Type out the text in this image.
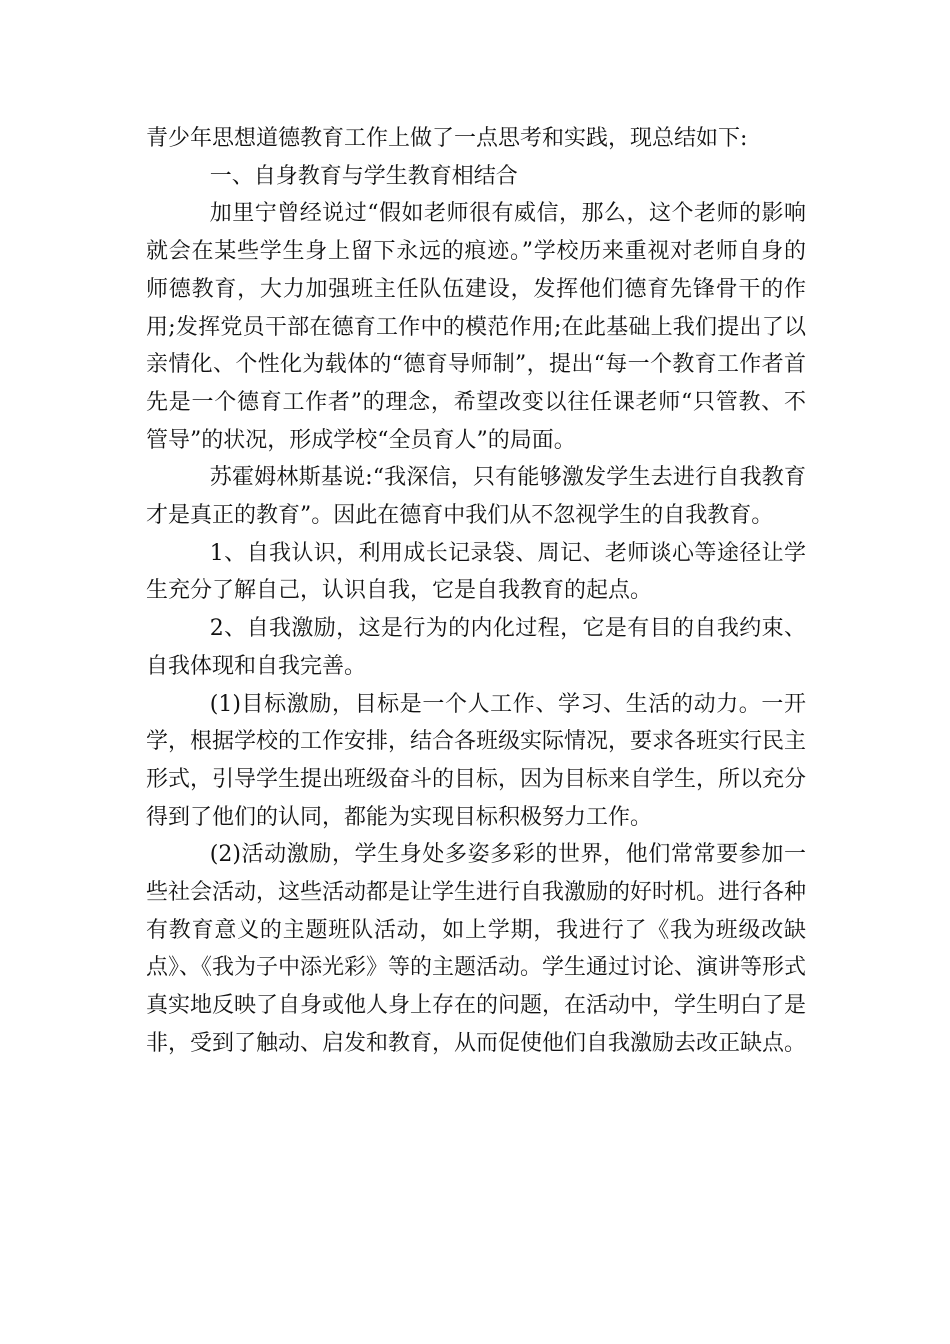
青少年思想道德教育工作上做了一点思考和实践，现总结如下:

一、自身教育与学生教育相结合

加里宁曾经说过“假如老师很有威信，那么，这个老师的影响就会在某些学生身上留下永远的痕迹。”学校历来重视对老师自身的师德教育，大力加强班主任队伍建设，发挥他们德育先锋骨干的作用;发挥党员干部在德育工作中的模范作用;在此基础上我们提出了以亲情化、个性化为载体的“德育导师制”，提出“每一个教育工作者首先是一个德育工作者”的理念，希望改变以往任课老师“只管教、不管导”的状况，形成学校“全员育人”的局面。

苏霍姆林斯基说:“我深信，只有能够激发学生去进行自我教育才是真正的教育”。因此在德育中我们从不忽视学生的自我教育。

1、自我认识，利用成长记录袋、周记、老师谈心等途径让学生充分了解自己，认识自我，它是自我教育的起点。

2、自我激励，这是行为的内化过程，它是有目的自我约束、自我体现和自我完善。

(1)目标激励，目标是一个人工作、学习、生活的动力。一开学，根据学校的工作安排，结合各班级实际情况，要求各班实行民主形式，引导学生提出班级奋斗的目标，因为目标来自学生，所以充分得到了他们的认同，都能为实现目标积极努力工作。

(2)活动激励，学生身处多姿多彩的世界，他们常常要参加一些社会活动，这些活动都是让学生进行自我激励的好时机。进行各种有教育意义的主题班队活动，如上学期，我进行了《我为班级改缺点》、《我为子中添光彩》等的主题活动。学生通过讨论、演讲等形式真实地反映了自身或他人身上存在的问题，在活动中，学生明白了是非，受到了触动、启发和教育，从而促使他们自我激励去改正缺点。
